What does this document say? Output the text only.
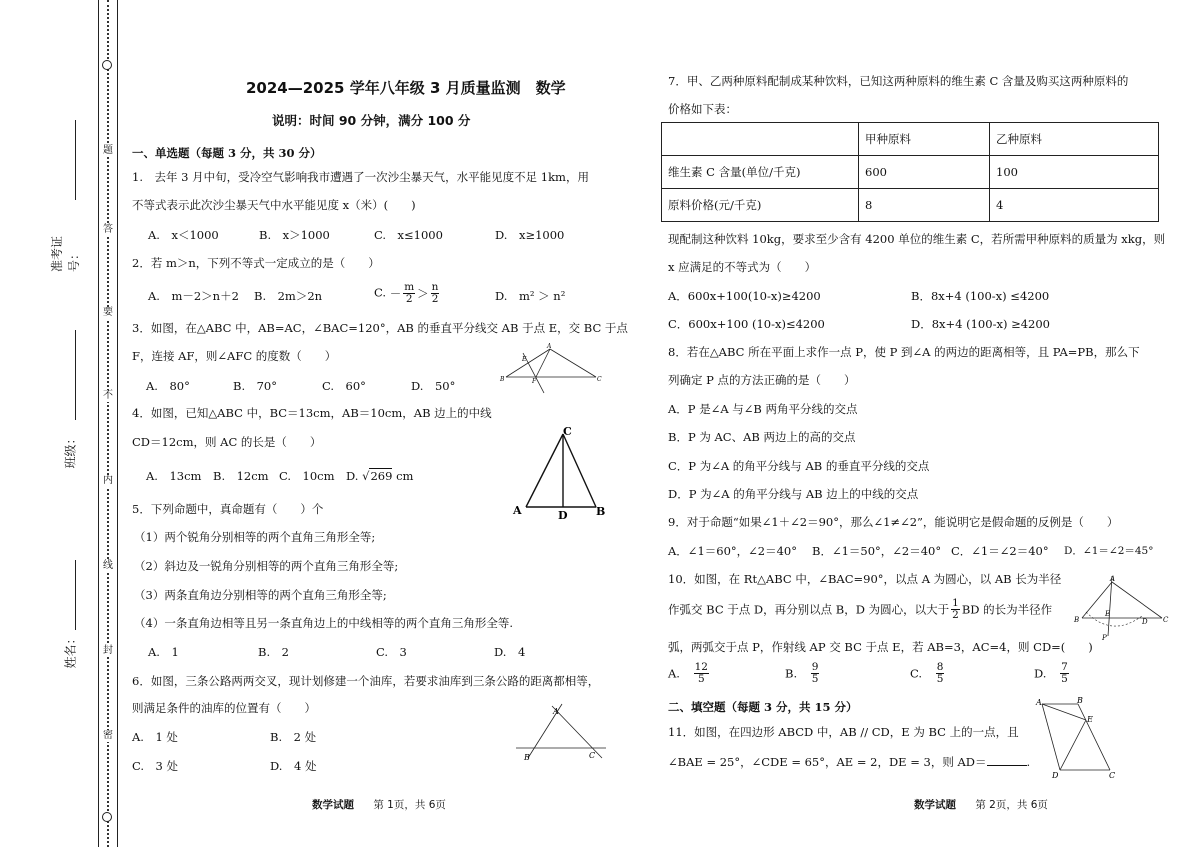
题
答
要
不
内
线
封
密
姓名：
班级：
准考证号：
2024—2025 学年八年级 3 月质量监测　数学
说明：时间 90 分钟，满分 100 分
一、单选题（每题 3 分，共 30 分）
1.　去年 3 月中旬，受冷空气影响我市遭遇了一次沙尘暴天气，水平能见度不足 1km，用
不等式表示此次沙尘暴天气中水平能见度 x（米）(　　)
A.　x＜1000	B.　x＞1000	C.　x≤1000	D.　x≥1000
2．若 m＞n，下列不等式一定成立的是（　　）
A.　m－2＞n＋2 B.　2m＞2n	C. － $\frac{m}{2} > \frac{n}{2}$	D.　m² ＞ n²
3．如图，在△ABC 中，AB=AC，∠BAC=120°，AB 的垂直平分线交 AB 于点 E，交 BC 于点
F，连接 AF，则∠AFC 的度数（　　）
A.　80°	B.　70°	C.　60°	D.　50°
A
B	C
E
F
4．如图，已知△ABC 中，BC＝13cm，AB＝10cm，AB 边上的中线
CD＝12cm，则 AC 的长是（　　）
A.　13cm B.　12cm C.　10cm D. √269 cm
C
A	D	B
5．下列命题中，真命题有（　　）个
（1）两个锐角分别相等的两个直角三角形全等;
（2）斜边及一锐角分别相等的两个直角三角形全等;
（3）两条直角边分别相等的两个直角三角形全等;
（4）一条直角边相等且另一条直角边上的中线相等的两个直角三角形全等.
A.　1	B.　2	C.　3	D.　4
6．如图，三条公路两两交叉，现计划修建一个油库，若要求油库到三条公路的距离都相等，
则满足条件的油库的位置有（　　）
A.　1 处	B.　2 处
C.　3 处	D.　4 处
A
B	C
数学试题 第 1页，共 6页
7．甲、乙两种原料配制成某种饮料，已知这两种原料的维生素 C 含量及购买这两种原料的
价格如下表：
	甲种原料	乙种原料
维生素 C 含量(单位/千克)	600	100
原料价格(元/千克)	8	4
现配制这种饮料 10kg，要求至少含有 4200 单位的维生素 C，若所需甲种原料的质量为 xkg，则
x 应满足的不等式为（　　）
A．600x+100(10-x)≥4200	B．8x+4 (100-x) ≤4200
C．600x+100 (10-x)≤4200	D．8x+4 (100-x) ≥4200
8．若在△ABC 所在平面上求作一点 P，使 P 到∠A 的两边的距离相等，且 PA=PB，那么下
列确定 P 点的方法正确的是（　　）
A．P 是∠A 与∠B 两角平分线的交点
B．P 为 AC、AB 两边上的高的交点
C．P 为∠A 的角平分线与 AB 的垂直平分线的交点
D．P 为∠A 的角平分线与 AB 边上的中线的交点
9．对于命题“如果∠1＋∠2＝90°，那么∠1≠∠2”，能说明它是假命题的反例是（　　）
A．∠1＝60°，∠2＝40° B．∠1＝50°，∠2＝40° C．∠1＝∠2＝40° D．∠1＝∠2＝45°
10．如图，在 Rt△ABC 中，∠BAC=90°，以点 A 为圆心，以 AB 长为半径
作弧交 BC 于点 D，再分别以点 B，D 为圆心，以大于 $\frac{1}{2}$ BD 的长为半径作
弧，两弧交于点 P，作射线 AP 交 BC 于点 E，若 AB=3，AC=4，则 CD=(　　)
A. $\frac{12}{5}$	B. $\frac{9}{5}$	C. $\frac{8}{5}$	D. $\frac{7}{5}$
A
B	C
D
E
P
二、填空题（每题 3 分，共 15 分）
11．如图，在四边形 ABCD 中，AB // CD，E 为 BC 上的一点，且
∠BAE = 25°，∠CDE = 65°，AE = 2，DE = 3，则 AD＝	.
A	B
E
D	C
数学试题 第 2页，共 6页
